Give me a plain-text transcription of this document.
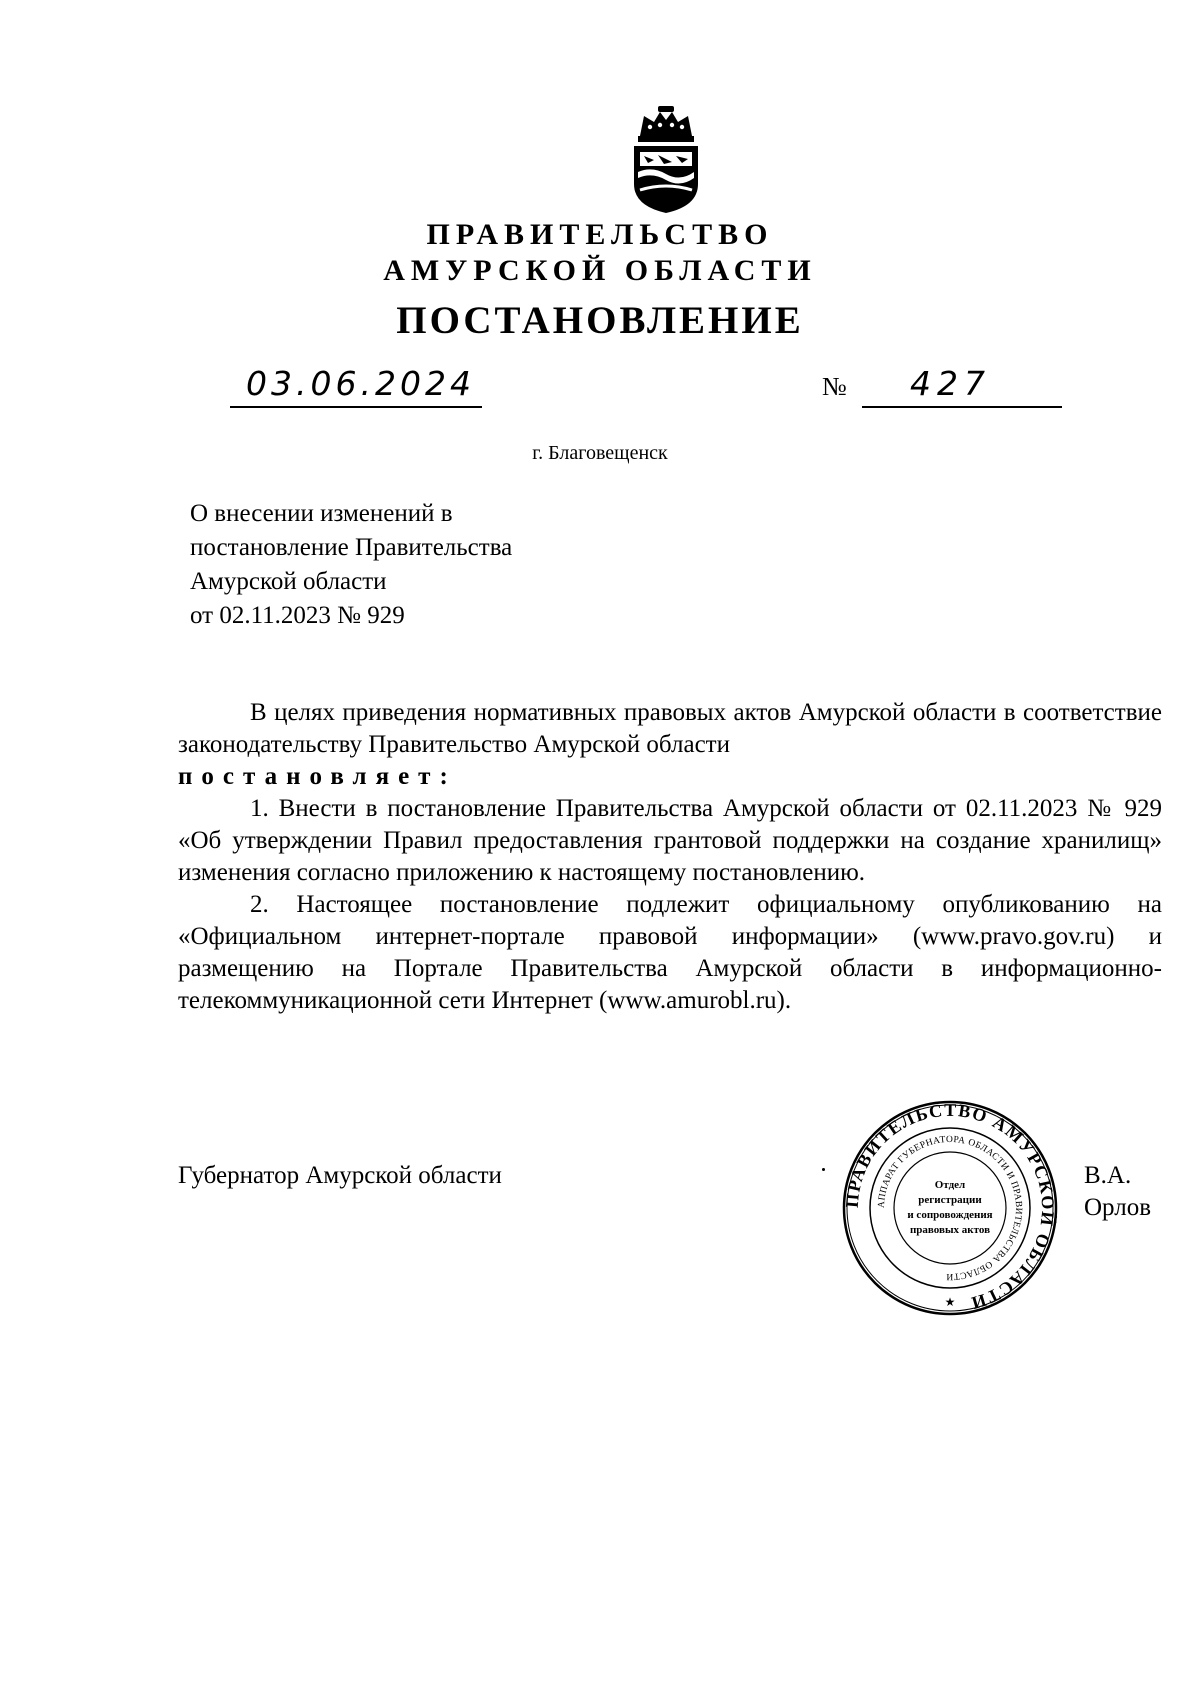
ПРАВИТЕЛЬСТВО
АМУРСКОЙ ОБЛАСТИ
ПОСТАНОВЛЕНИЕ
03.06.2024	№ 427
г. Благовещенск
О внесении изменений в
постановление Правительства
Амурской области
от 02.11.2023 № 929

В целях приведения нормативных правовых актов Амурской области в соответствие законодательству Правительство Амурской области

постановляет:

1. Внести в постановление Правительства Амурской области от 02.11.2023 № 929 «Об утверждении Правил предоставления грантовой поддержки на создание хранилищ» изменения согласно приложению к настоящему постановлению.

2. Настоящее постановление подлежит официальному опубликованию на «Официальном интернет-портале правовой информации» (www.pravo.gov.ru) и размещению на Портале Правительства Амурской области в информационно-телекоммуникационной сети Интернет (www.amurobl.ru).

Губернатор Амурской области	В.А. Орлов
ПРАВИТЕЛЬСТВО АМУРСКОЙ ОБЛАСТИ
АППАРАТ ГУБЕРНАТОРА ОБЛАСТИ И ПРАВИТЕЛЬСТВА ОБЛАСТИ
Отдел
регистрации
и сопровождения
правовых актов
★
